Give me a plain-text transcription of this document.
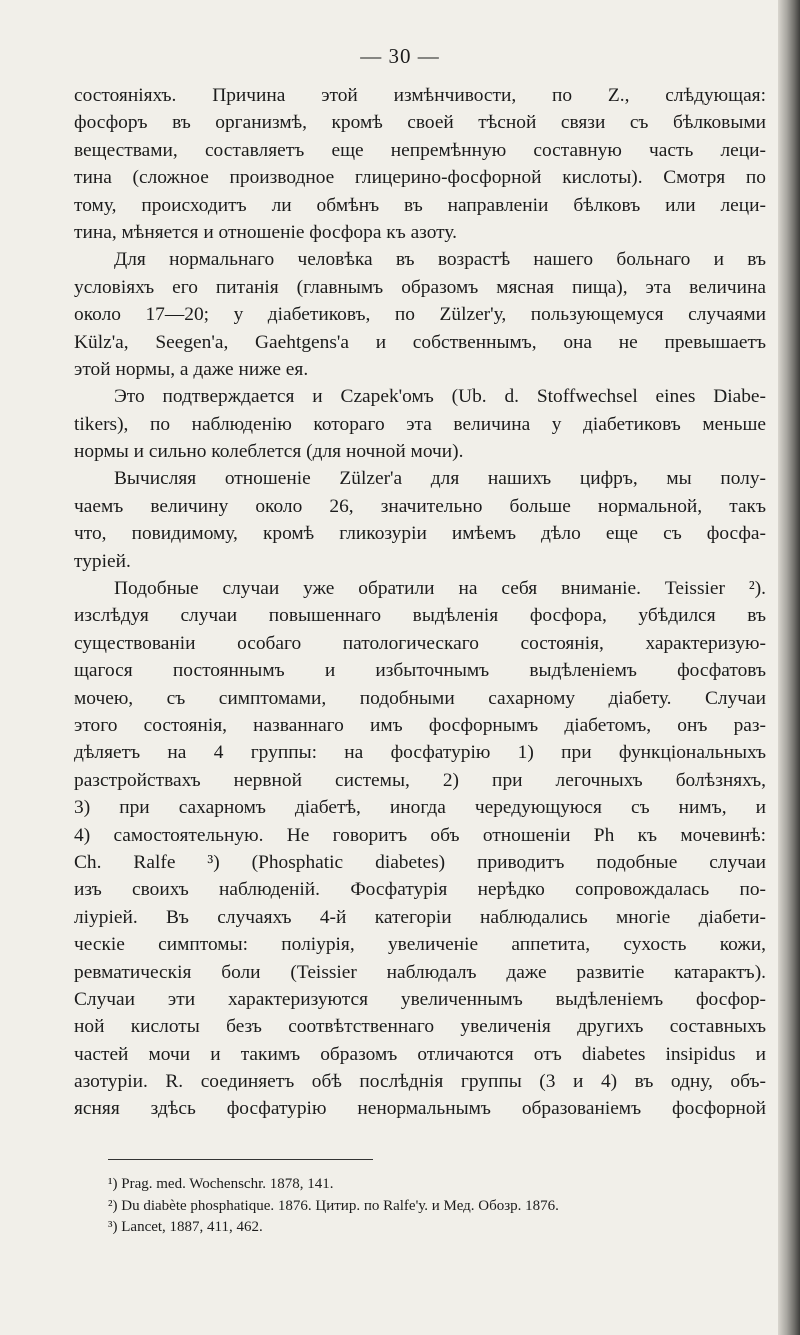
— 30 —
состояніяхъ. Причина этой измѣнчивости, по Z., слѣдующая:
фосфоръ въ организмѣ, кромѣ своей тѣсной связи съ бѣлковыми
веществами, составляетъ еще непремѣнную составную часть леци-
тина (сложное производное глицерино-фосфорной кислоты). Смотря по
тому, происходитъ ли обмѣнъ въ направленіи бѣлковъ или леци-
тина, мѣняется и отношеніе фосфора къ азоту.
Для нормальнаго человѣка въ возрастѣ нашего больнаго и въ
условіяхъ его питанія (главнымъ образомъ мясная пища), эта величина
около 17—20; у діабетиковъ, по Zülzer'у, пользующемуся случаями
Külz'а, Seegen'а, Gaehtgens'а и собственнымъ, она не превышаетъ
этой нормы, а даже ниже ея.
Это подтверждается и Czapek'омъ (Ub. d. Stoffwechsel eines Diabe-
tikers), по наблюденію котораго эта величина у діабетиковъ меньше
нормы и сильно колеблется (для ночной мочи).
Вычисляя отношеніе Zülzer'а для нашихъ цифръ, мы полу-
чаемъ величину около 26, значительно больше нормальной, такъ
что, повидимому, кромѣ гликозуріи имѣемъ дѣло еще съ фосфа-
туріей.
Подобные случаи уже обратили на себя вниманіе. Teissier ²).
изслѣдуя случаи повышеннаго выдѣленія фосфора, убѣдился въ
существованіи особаго патологическаго состоянія, характеризую-
щагося постояннымъ и избыточнымъ выдѣленіемъ фосфатовъ
мочею, съ симптомами, подобными сахарному діабету. Случаи
этого состоянія, названнаго имъ фосфорнымъ діабетомъ, онъ раз-
дѣляетъ на 4 группы: на фосфатурію 1) при функціональныхъ
разстройствахъ нервной системы, 2) при легочныхъ болѣзняхъ,
3) при сахарномъ діабетѣ, иногда чередующуюся съ нимъ, и
4) самостоятельную. Не говоритъ объ отношеніи Ph къ мочевинѣ:
Ch. Ralfe ³) (Phosphatic diabetes) приводитъ подобные случаи
изъ своихъ наблюденій. Фосфатурія нерѣдко сопровождалась по-
ліуріей. Въ случаяхъ 4-й категоріи наблюдались многіе діабети-
ческіе симптомы: поліурія, увеличеніе аппетита, сухость кожи,
ревматическія боли (Teissier наблюдалъ даже развитіе катарактъ).
Случаи эти характеризуются увеличеннымъ выдѣленіемъ фосфор-
ной кислоты безъ соотвѣтственнаго увеличенія другихъ составныхъ
частей мочи и такимъ образомъ отличаются отъ diabetes insipidus и
азотуріи. R. соединяетъ обѣ послѣднія группы (3 и 4) въ одну, объ-
ясняя здѣсь фосфатурію ненормальнымъ образованіемъ фосфорной
¹) Prag. med. Wochenschr. 1878, 141.
²) Du diabète phosphatique. 1876. Цитир. по Ralfe'у. и Мед. Обозр. 1876.
³) Lancet, 1887, 411, 462.
